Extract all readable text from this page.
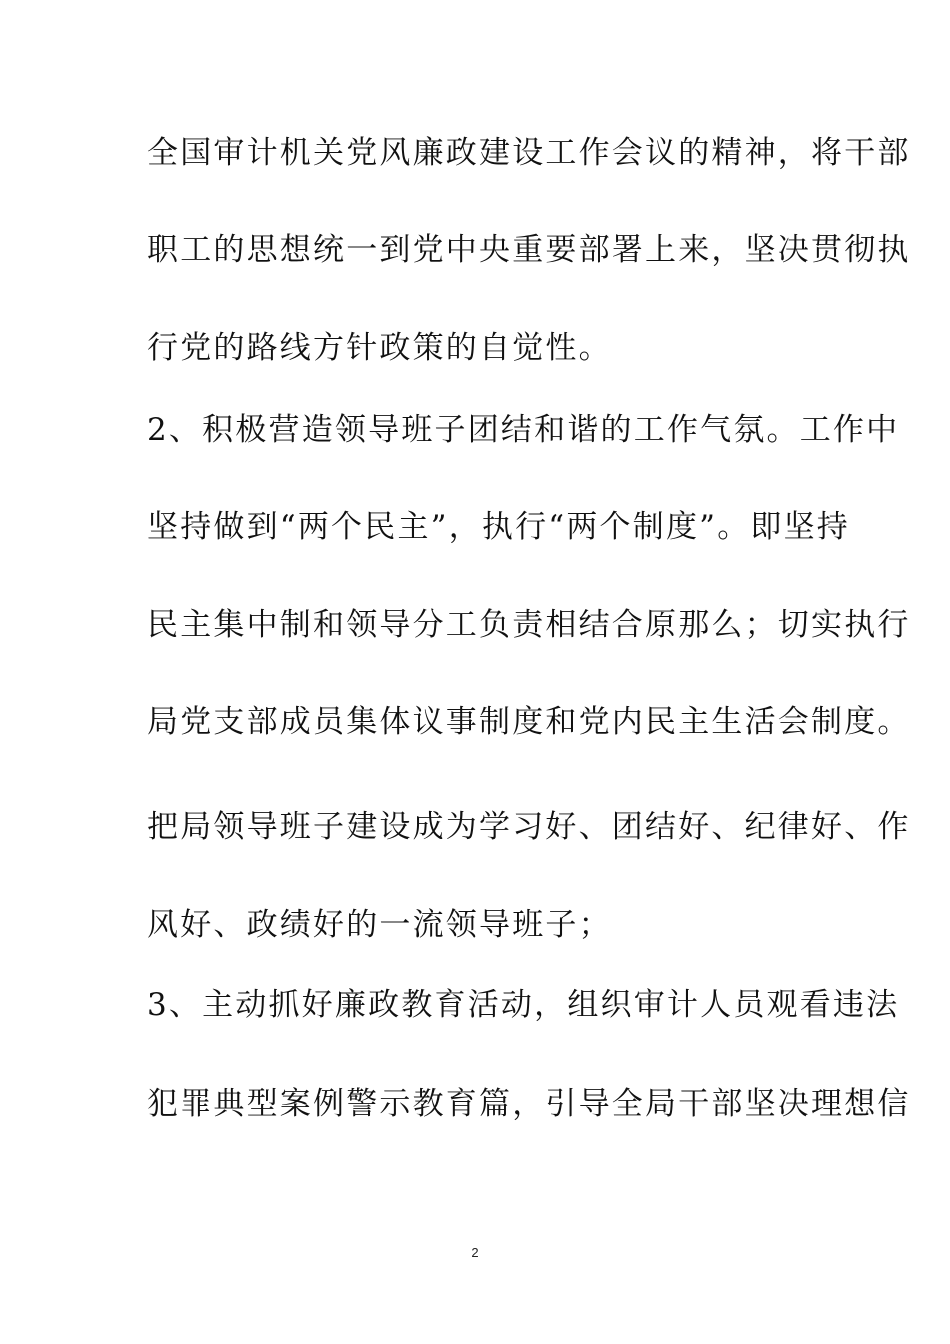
全国审计机关党风廉政建设工作会议的精神，将干部
职工的思想统一到党中央重要部署上来，坚决贯彻执
行党的路线方针政策的自觉性。
2、积极营造领导班子团结和谐的工作气氛。工作中
坚持做到“两个民主”，执行“两个制度”。即坚持
民主集中制和领导分工负责相结合原那么；切实执行
局党支部成员集体议事制度和党内民主生活会制度。
把局领导班子建设成为学习好、团结好、纪律好、作
风好、政绩好的一流领导班子；
3、主动抓好廉政教育活动，组织审计人员观看违法
犯罪典型案例警示教育篇，引导全局干部坚决理想信
2
